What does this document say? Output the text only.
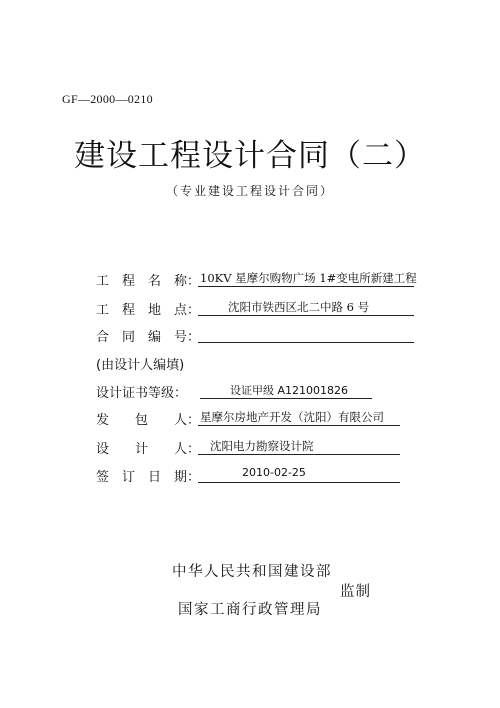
GF—2000—0210
建设工程设计合同（二）
（专业建设工程设计合同）
工　程　名　称： 10KV 星摩尔购物广场 1#变电所新建工程
工　程　地　点： 沈阳市铁西区北二中路 6 号
合　同　编　号：
(由设计人编填)
设计证书等级：	设证甲级 A121001826
发　　包　　人： 星摩尔房地产开发（沈阳）有限公司
设　　计　　人： 沈阳电力勘察设计院
签　订　日　期：	2010-02-25
中华人民共和国建设部
监制
国家工商行政管理局
